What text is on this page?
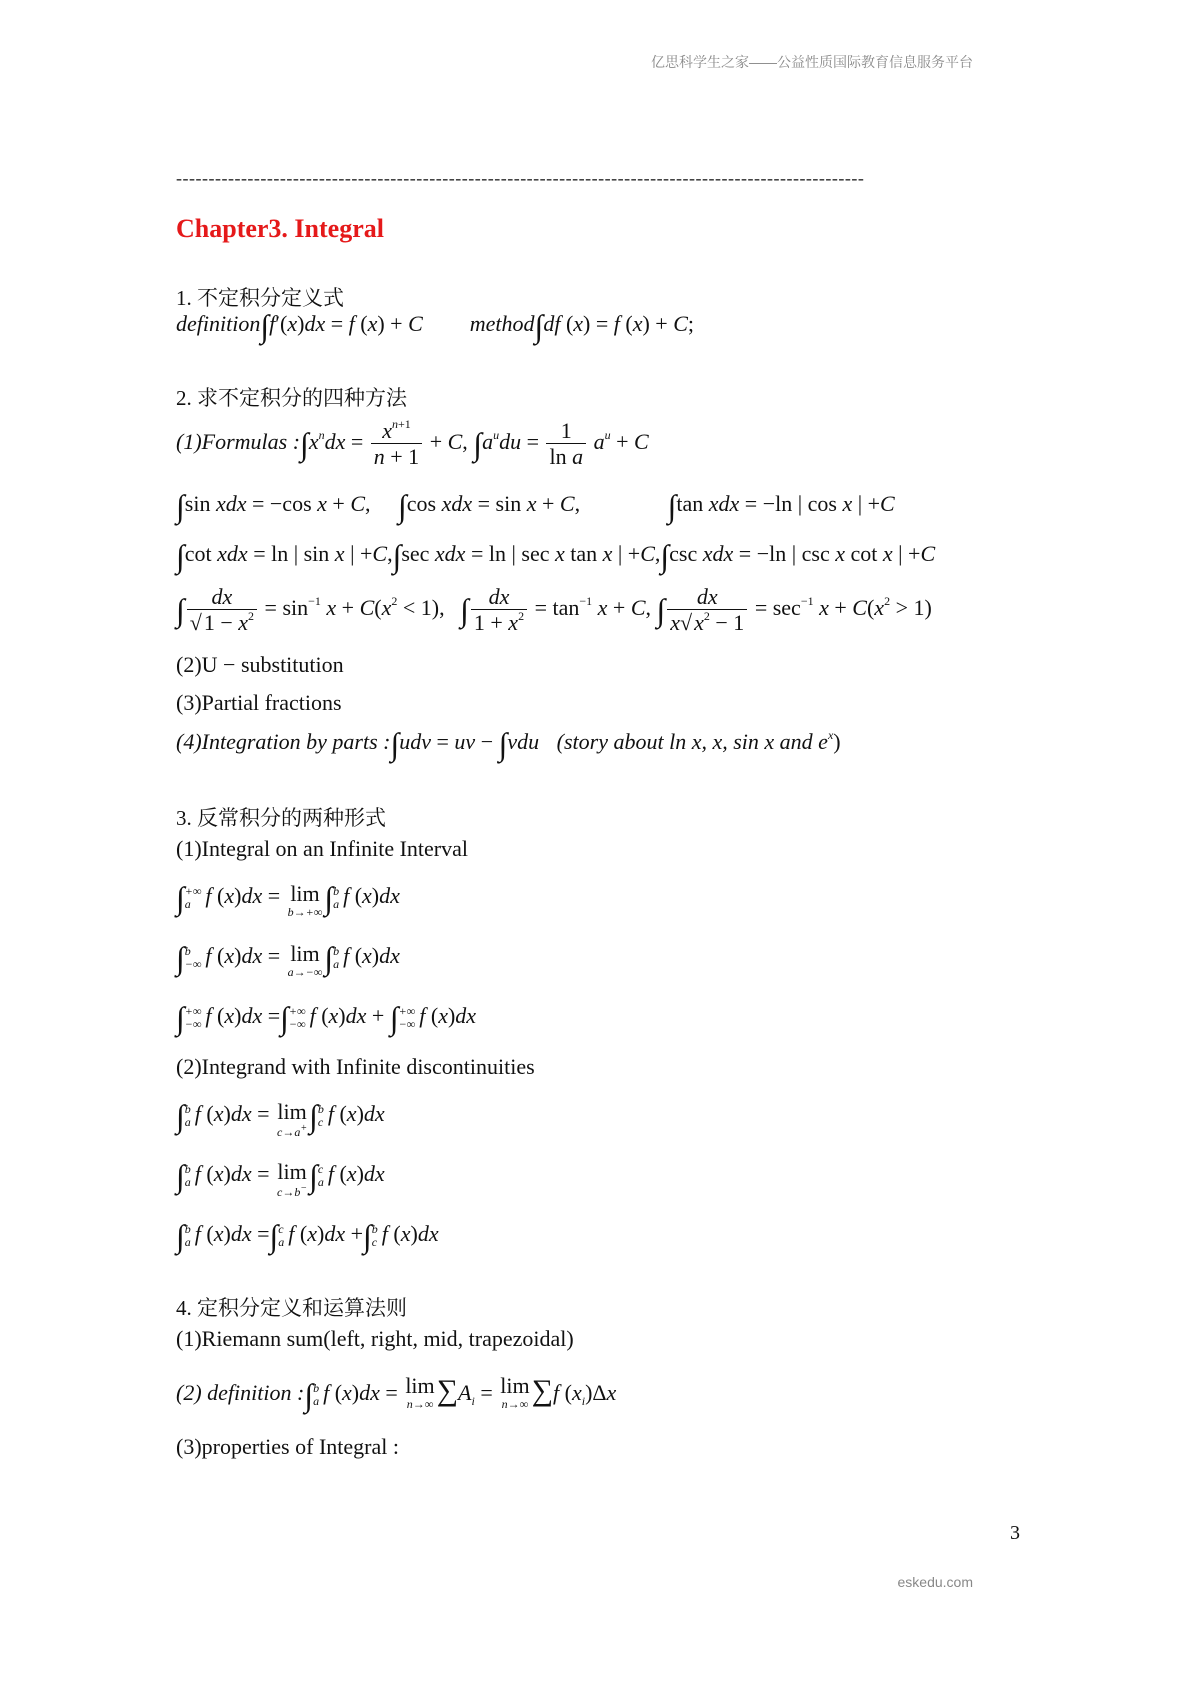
亿思科学生之家——公益性质国际教育信息服务平台
----------------------------------------------------------------------------------------------------------
Chapter3. Integral
1. 不定积分定义式
definition∫f′(x)dx = f (x) + C method∫df (x) = f (x) + C;
2. 求不定积分的四种方法
(1)Formulas $:\int x^ndx = \frac{x^{n+1}}{n + 1} + C$, $\int a^udu = \frac{1}{\text{ln a}} a^u + C$
∫sin xdx = −cos x + C, ∫cos xdx = sin x + C,	∫tan xdx = −ln | cos x | +C
∫cot xdx = ln | sin x | +C,∫sec xdx = ln | sec x tan x | +C,∫csc xdx = −ln | csc x cot x | +C
∫ $\frac{dx}{√1 - x^2} = \sin^{-1} x + C(x^2 < 1)$, ∫ $\frac{dx}{1 + x^2} = \tan^{-1} x + C$, ∫ $\frac{dx}{x√x^2 - 1} = \sec^{-1} x + C(x^2 > 1)$
(2)U − substitution
(3)Partial fractions
(4)Integration by parts :∫udv = uv − ∫vdu (story about ln x, x, sin x and $e^x$)
3. 反常积分的两种形式
(1)Integral on an Infinite Interval
∫ +∞
a f (x)dx = lim
b→+∞ ∫ b
a f (x)dx
∫ b
−∞ f (x)dx = lim
a→−∞ ∫ b
a f (x)dx
∫ +∞
−∞ f (x)dx =∫ +∞
−∞ f (x)dx + ∫ +∞
−∞ f (x)dx
(2)Integrand with Infinite discontinuities
∫ b
a f (x)dx = lim
c→a+ ∫ b
c f (x)dx
∫ b
a f (x)dx = lim
c→b− ∫ c
a f (x)dx
∫ b
a f (x)dx =∫ c
a f (x)dx +∫ b
c f (x)dx
4. 定积分定义和运算法则
(1)Riemann sum(left, right, mid, trapezoidal)
(2) definition :∫ b
a f (x)dx = lim
n→∞ $\sum A_i = \lim$
n→∞ ∑f $(x_i)\Delta x$
(3)properties of Integral :
3
eskedu.com
